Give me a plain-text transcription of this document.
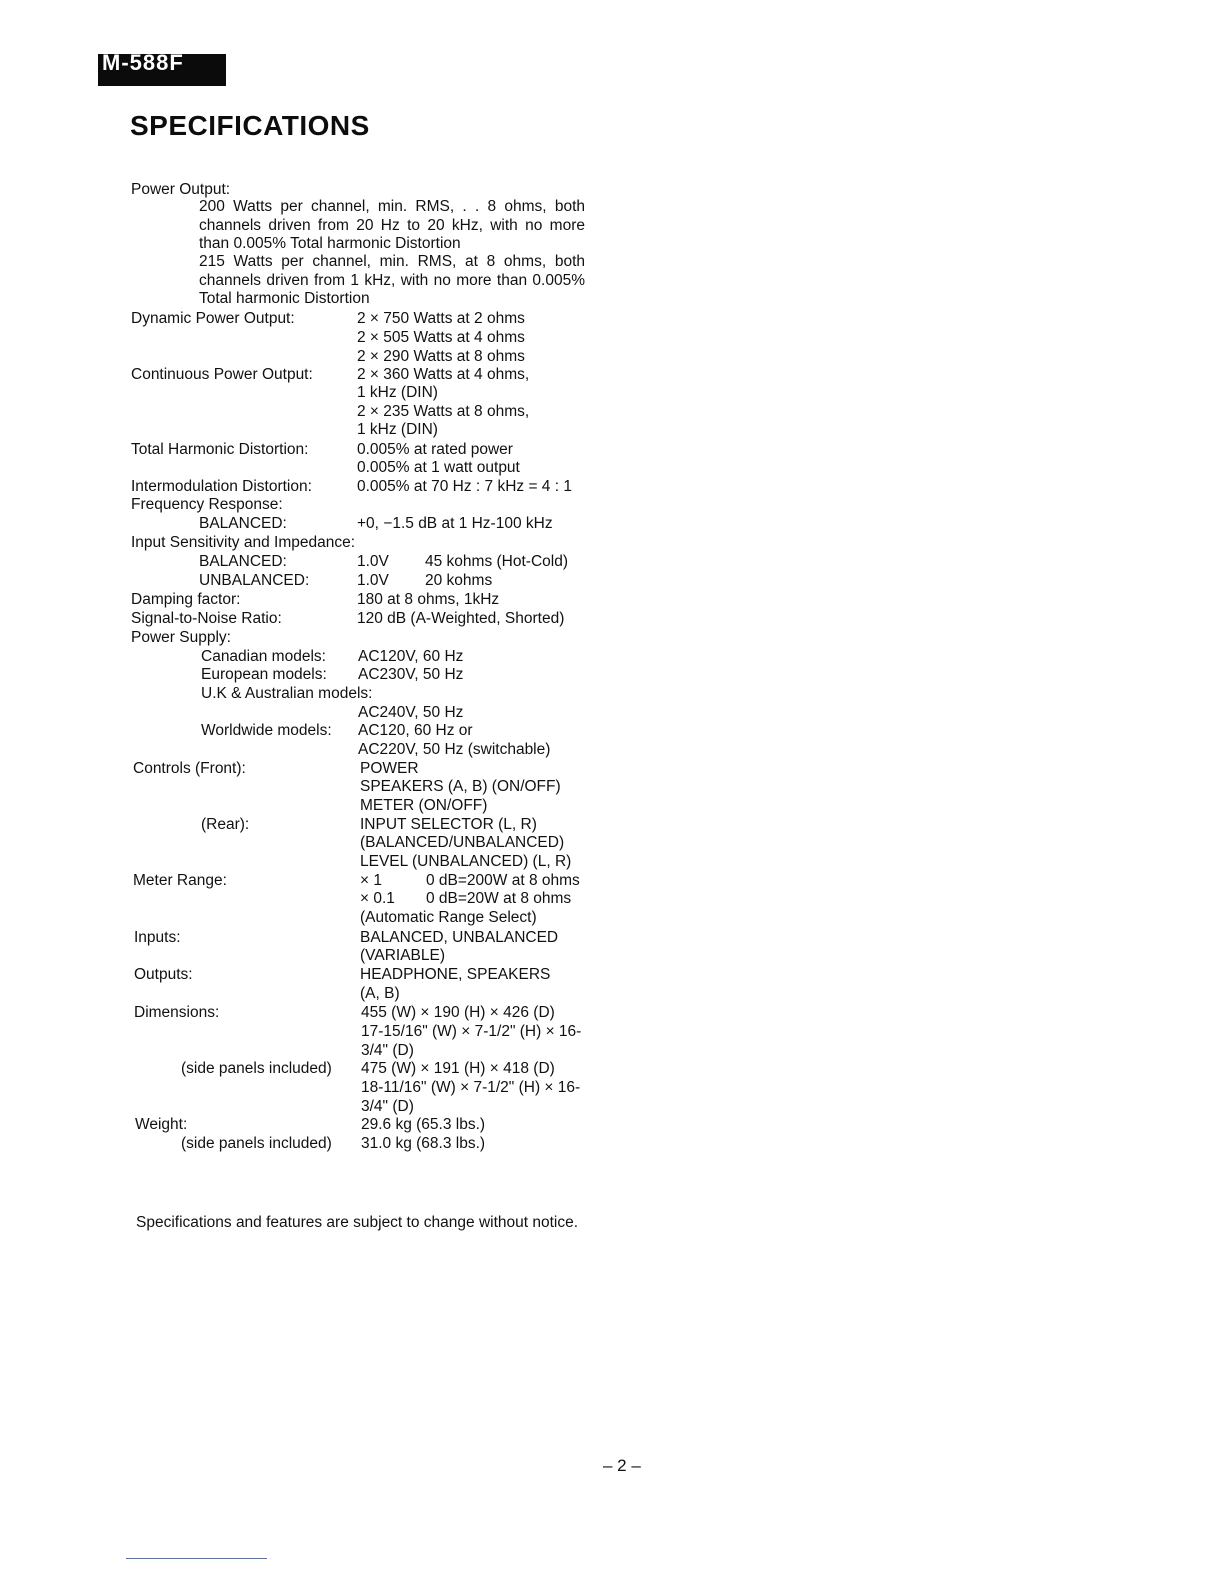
M-588F
SPECIFICATIONS
Power Output:
200 Watts per channel, min. RMS, . . 8 ohms, both channels driven from 20 Hz to 20 kHz, with no more than 0.005% Total harmonic Distortion
215 Watts per channel, min. RMS, at 8 ohms, both channels driven from 1 kHz, with no more than 0.005% Total harmonic Distortion
Dynamic Power Output:	2 × 750 Watts at 2 ohms
2 × 505 Watts at 4 ohms
2 × 290 Watts at 8 ohms
Continuous Power Output:	2 × 360 Watts at 4 ohms,
1 kHz (DIN)
2 × 235 Watts at 8 ohms,
1 kHz (DIN)
Total Harmonic Distortion:	0.005% at rated power
0.005% at 1 watt output
Intermodulation Distortion:	0.005% at 70 Hz : 7 kHz = 4 : 1
Frequency Response:
BALANCED:	+0, −1.5 dB at 1 Hz-100 kHz
Input Sensitivity and Impedance:
BALANCED:	1.0V 45 kohms (Hot-Cold)
UNBALANCED:	1.0V 20 kohms
Damping factor:	180 at 8 ohms, 1kHz
Signal-to-Noise Ratio:	120 dB (A-Weighted, Shorted)
Power Supply:
Canadian models: AC120V, 60 Hz
European models: AC230V, 50 Hz
U.K & Australian models:
AC240V, 50 Hz
Worldwide models: AC120, 60 Hz or
AC220V, 50 Hz (switchable)
Controls (Front):	POWER
SPEAKERS (A, B) (ON/OFF)
METER (ON/OFF)
(Rear):	INPUT SELECTOR (L, R)
(BALANCED/UNBALANCED)
LEVEL (UNBALANCED) (L, R)
Meter Range:	× 1	0 dB=200W at 8 ohms
× 0.1 0 dB=20W at 8 ohms
(Automatic Range Select)
Inputs:	BALANCED, UNBALANCED
(VARIABLE)
Outputs:	HEADPHONE, SPEAKERS
(A, B)
Dimensions:	455 (W) × 190 (H) × 426 (D)
17-15/16" (W) × 7-1/2" (H) × 16-
3/4" (D)
(side panels included) 475 (W) × 191 (H) × 418 (D)
18-11/16" (W) × 7-1/2" (H) × 16-
3/4" (D)
Weight:	29.6 kg (65.3 lbs.)
(side panels included) 31.0 kg (68.3 lbs.)
Specifications and features are subject to change without notice.
– 2 –
